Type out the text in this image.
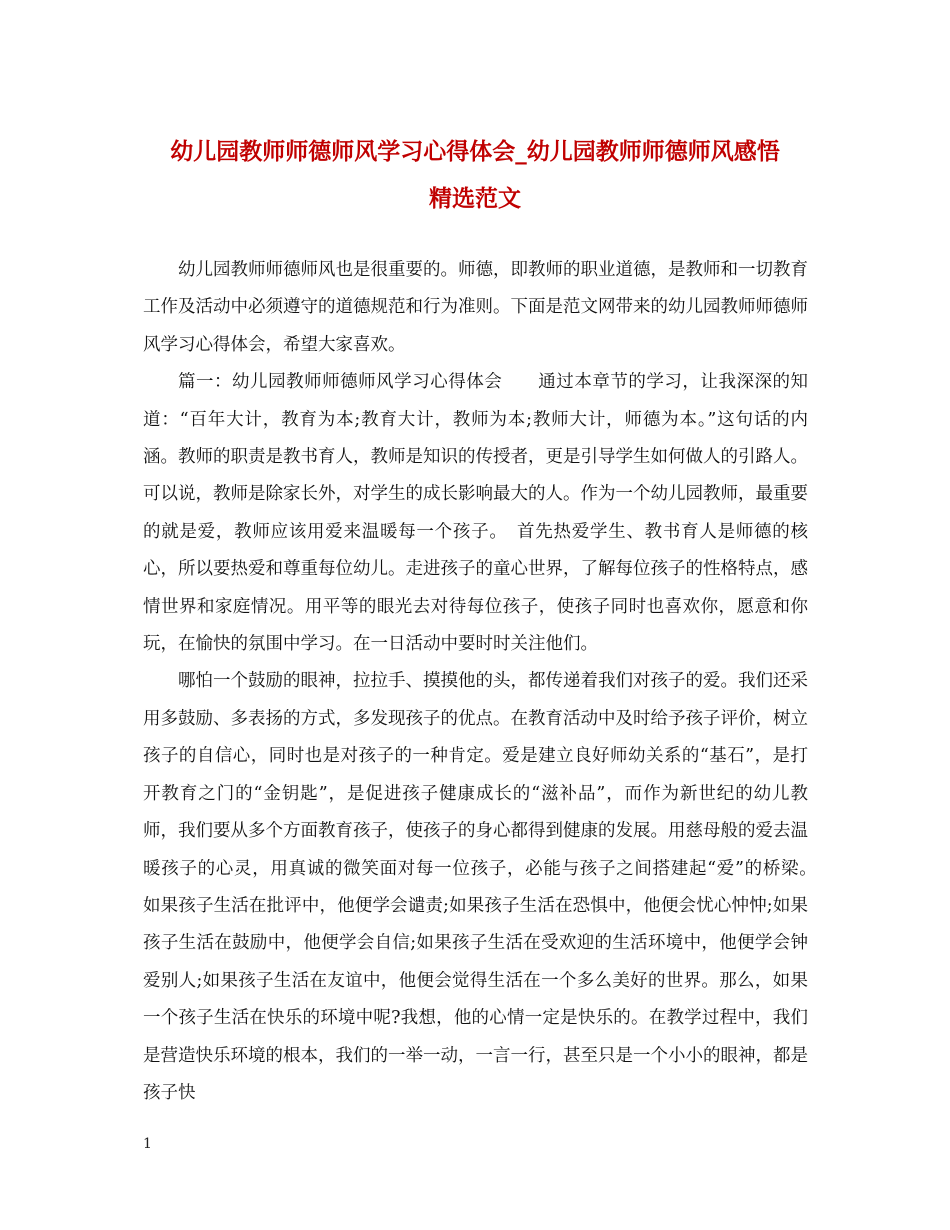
幼儿园教师师德师风学习心得体会_幼儿园教师师德师风感悟
精选范文

幼儿园教师师德师风也是很重要的。师德，即教师的职业道德，是教师和一切教育工作及活动中必须遵守的道德规范和行为准则。下面是范文网带来的幼儿园教师师德师风学习心得体会，希望大家喜欢。

篇一：幼儿园教师师德师风学习心得体会　　通过本章节的学习，让我深深的知道：“百年大计，教育为本;教育大计，教师为本;教师大计，师德为本。”这句话的内涵。教师的职责是教书育人，教师是知识的传授者，更是引导学生如何做人的引路人。可以说，教师是除家长外，对学生的成长影响最大的人。作为一个幼儿园教师，最重要的就是爱，教师应该用爱来温暖每一个孩子。　首先热爱学生、教书育人是师德的核心，所以要热爱和尊重每位幼儿。走进孩子的童心世界，了解每位孩子的性格特点，感情世界和家庭情况。用平等的眼光去对待每位孩子，使孩子同时也喜欢你，愿意和你玩，在愉快的氛围中学习。在一日活动中要时时关注他们。

哪怕一个鼓励的眼神，拉拉手、摸摸他的头，都传递着我们对孩子的爱。我们还采用多鼓励、多表扬的方式，多发现孩子的优点。在教育活动中及时给予孩子评价，树立孩子的自信心，同时也是对孩子的一种肯定。爱是建立良好师幼关系的“基石”，是打开教育之门的“金钥匙”，是促进孩子健康成长的“滋补品”，而作为新世纪的幼儿教师，我们要从多个方面教育孩子，使孩子的身心都得到健康的发展。用慈母般的爱去温暖孩子的心灵，用真诚的微笑面对每一位孩子，必能与孩子之间搭建起“爱”的桥梁。　如果孩子生活在批评中，他便学会谴责;如果孩子生活在恐惧中，他便会忧心忡忡;如果孩子生活在鼓励中，他便学会自信;如果孩子生活在受欢迎的生活环境中，他便学会钟爱别人;如果孩子生活在友谊中，他便会觉得生活在一个多么美好的世界。那么，如果一个孩子生活在快乐的环境中呢?我想，他的心情一定是快乐的。在教学过程中，我们是营造快乐环境的根本，我们的一举一动，一言一行，甚至只是一个小小的眼神，都是孩子快

1
